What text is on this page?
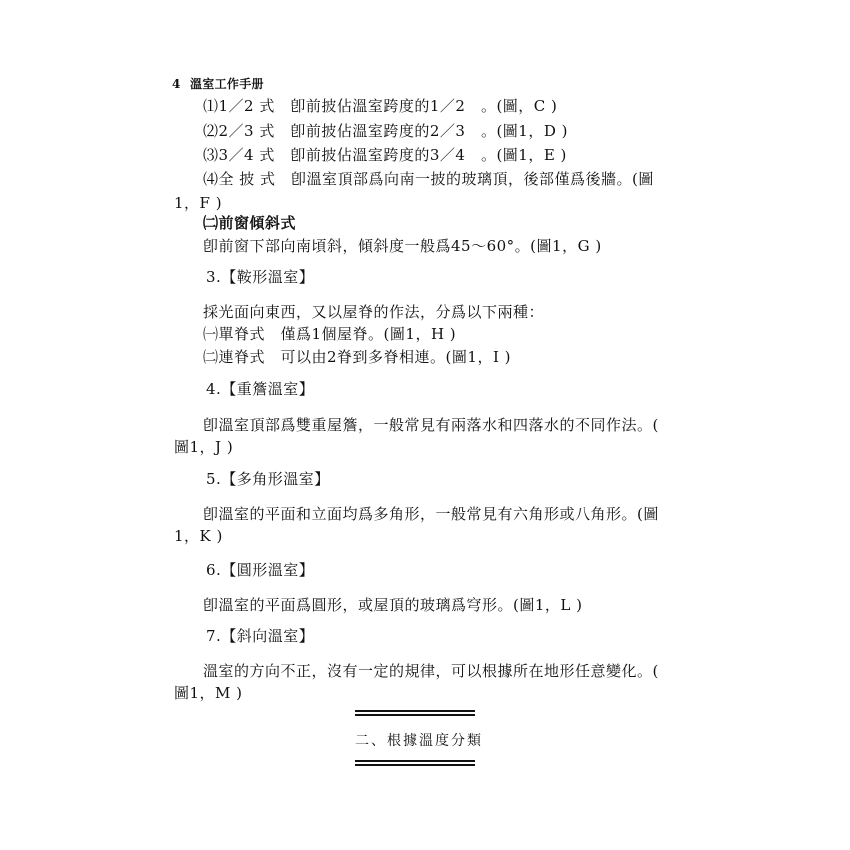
4 溫室工作手册
⑴1／2 式　卽前披佔溫室跨度的1／2　。(圖，C )
⑵2／3 式　卽前披佔溫室跨度的2／3　。(圖1，D )
⑶3／4 式　卽前披佔溫室跨度的3／4　。(圖1，E )
⑷全 披 式　卽溫室頂部爲向南一披的玻璃頂，後部僅爲後牆。(圖
1，F )
㈡前窗傾斜式
卽前窗下部向南頃斜，傾斜度一般爲45～60°。(圖1，G )
3.【鞍形溫室】
採光面向東西，又以屋脊的作法，分爲以下兩種：
㈠單脊式　僅爲1個屋脊。(圖1，H )
㈡連脊式　可以由2脊到多脊相連。(圖1，I )
4.【重簷溫室】
卽溫室頂部爲雙重屋簷，一般常見有兩落水和四落水的不同作法。(
圖1，J )
5.【多角形溫室】
卽溫室的平面和立面均爲多角形，一般常見有六角形或八角形。(圖
1，K )
6.【圓形溫室】
卽溫室的平面爲圓形，或屋頂的玻璃爲穹形。(圖1，L )
7.【斜向溫室】
溫室的方向不正，沒有一定的規律，可以根據所在地形任意變化。(
圖1，M )
二、根據溫度分類
